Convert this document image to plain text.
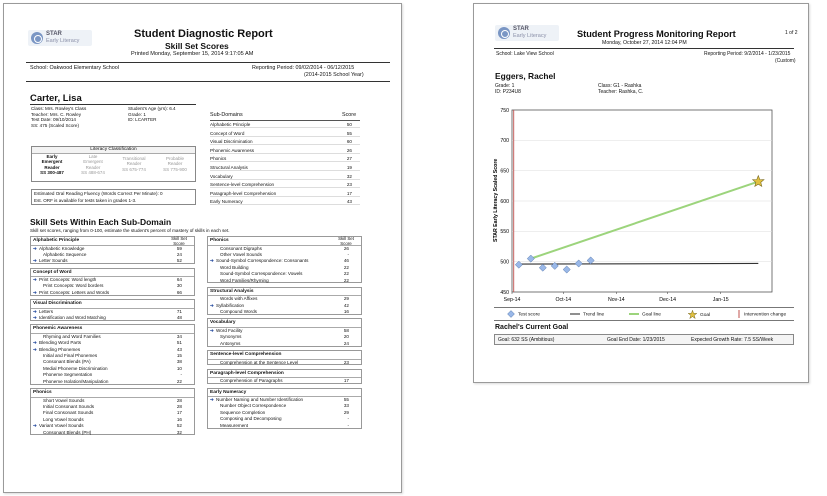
STAR
Early Literacy
Student Diagnostic Report
Skill Set Scores
Printed Monday, September 15, 2014 9:17:05 AM
School: Oakwood Elementary School	Reporting Period: 09/02/2014 - 06/12/2015
(2014-2015 School Year)
Carter, Lisa
Class: Mrs. Rowley's Class
Teacher: Mrs. C. Rowley
Test Date: 09/10/2014
SS: 475 (Scaled Score)
Student's Age (yrs): 6.4
Grade: 1
ID: LCARTER
Literacy Classification
Early
Emergent
Reader
SS 300-487
Late
Emergent
Reader
SS 488-674
Transitional
Reader
SS 675-774
Probable
Reader
SS 775-900
Estimated Oral Reading Fluency (Words Correct Per Minute): 0
Est. ORF is available for tests taken in grades 1-3.
Sub-Domains	Score
Alphabetic Principle	50
Concept of Word	55
Visual Discrimination	60
Phonemic Awareness	26
Phonics	27
Structural Analysis	19
Vocabulary	32
Sentence-level Comprehension	23
Paragraph-level Comprehension	17
Early Numeracy	43
Skill Sets Within Each Sub-Domain
Skill set scores, ranging from 0-100, estimate the student's percent of mastery of skills in each set.
Alphabetic Principle	Skill Set Score
➔ Alphabetic Knowledge	59
Alphabetic Sequence	24
➔ Letter Sounds	52
Concept of Word
➔ Print Concepts: Word length	64
Print Concepts: Word borders	30
➔ Print Concepts: Letters and Words	66
Visual Discrimination
➔ Letters	71
➔ Identification and Word Matching	48
Phonemic Awareness
Rhyming and Word Families	34
➔ Blending Word Parts	51
➔ Blending Phonemes	43
Initial and Final Phonemes	15
Consonant Blends (PA)	38
Medial Phoneme Discrimination	10
Phoneme Segmentation	-
Phoneme Isolation/Manipulation	22
Phonics
Short Vowel Sounds	28
Initial Consonant Sounds	28
Final Consonant Sounds	17
Long Vowel Sounds	16
➔ Variant Vowel Sounds	52
Consonant Blends (PH)	32
Phonics	Skill Set Score
Consonant Digraphs	26
Other Vowel Sounds	-
➔ Sound-Symbol Correspondence: Consonants	46
Word Building	22
Sound-Symbol Correspondence: Vowels	22
Word Families/Rhyming	22
Structural Analysis
Words with Affixes	29
➔ Syllabification	42
Compound Words	16
Vocabulary
➔ Word Facility	58
Synonyms	20
Antonyms	24
Sentence-level Comprehension
Comprehension at the Sentence Level	23
Paragraph-level Comprehension
Comprehension of Paragraphs	17
Early Numeracy
➔ Number Naming and Number Identification	55
Number Object Correspondence	33
Sequence Completion	29
Composing and Decomposing	-
Measurement	-
STAR
Early Literacy	Student Progress Monitoring Report	1 of 2
Monday, October 27, 2014 12:04 PM
School: Lake View School	Reporting Period: 9/2/2014 - 1/23/2015
(Custom)
Eggers, Rachel
Grade: 1
ID: P234U8
Class: G1 - Rashka
Teacher: Rashka, C.
450
500
550
600
650
700
750
Sep-14	Oct-14	Nov-14	Dec-14	Jan-15
STAR Early Literacy Scaled Score
Rachel's Current Goal
Goal: 632 SS (Ambitious)	Goal End Date: 1/23/2015	Expected Growth Rate: 7.5 SS/Week
Test score	Trend line	Goal line	Goal	Intervention change
